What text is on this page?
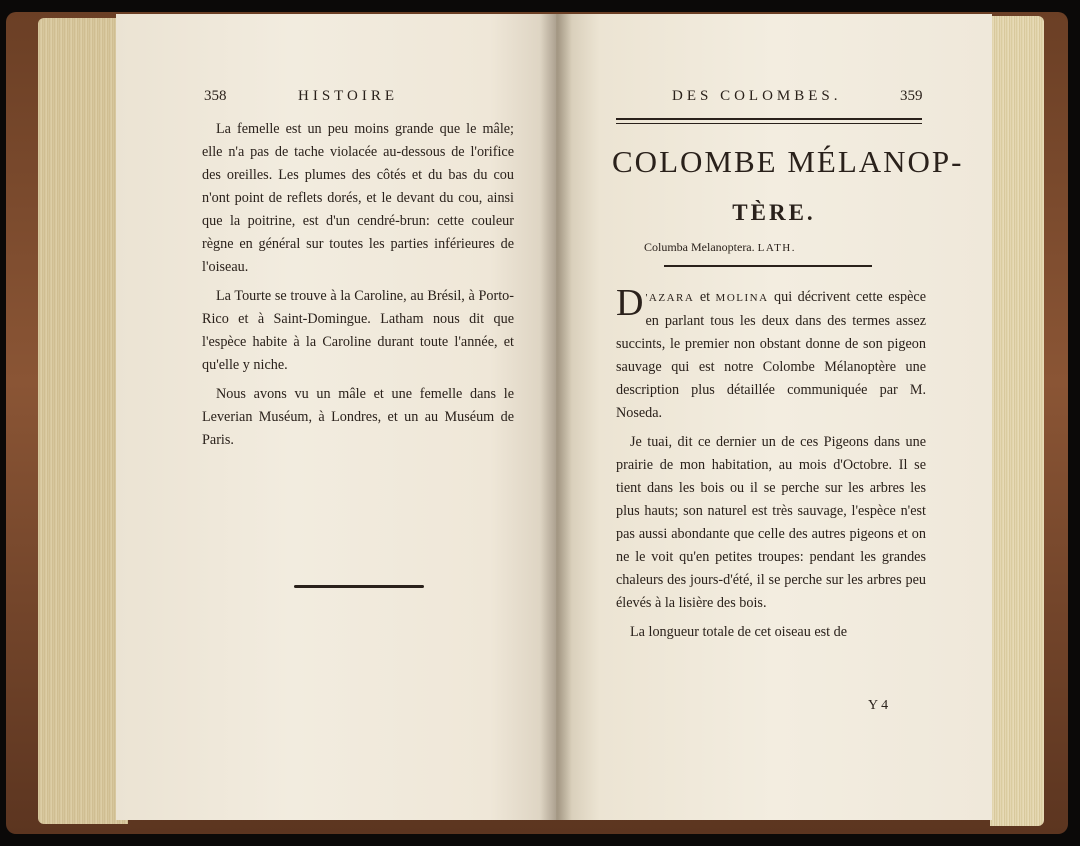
358	HISTOIRE

La femelle est un peu moins grande que le mâle; elle n'a pas de tache violacée au-dessous de l'orifice des oreilles. Les plumes des côtés et du bas du cou n'ont point de reflets dorés, et le devant du cou, ainsi que la poitrine, est d'un cendré-brun: cette couleur règne en général sur toutes les parties inférieures de l'oiseau.

La Tourte se trouve à la Caroline, au Brésil, à Porto-Rico et à Saint-Domingue. Latham nous dit que l'espèce habite à la Caroline durant toute l'année, et qu'elle y niche.

Nous avons vu un mâle et une femelle dans le Leverian Muséum, à Londres, et un au Muséum de Paris.

DES COLOMBES.	359
COLOMBE MÉLANOP-
TÈRE.
Columba Melanoptera. LATH.

D 'AZARA et MOLINA qui décrivent cette espèce en parlant tous les deux dans des termes assez succints, le premier non obstant donne de son pigeon sauvage qui est notre Colombe Mélanoptère une description plus détaillée communiquée par M. Noseda.

Je tuai, dit ce dernier un de ces Pigeons dans une prairie de mon habitation, au mois d'Octobre. Il se tient dans les bois ou il se perche sur les arbres les plus hauts; son naturel est très sauvage, l'espèce n'est pas aussi abondante que celle des autres pigeons et on ne le voit qu'en petites troupes: pendant les grandes chaleurs des jours-d'été, il se perche sur les arbres peu élevés à la lisière des bois.

La longueur totale de cet oiseau est de

Y 4
